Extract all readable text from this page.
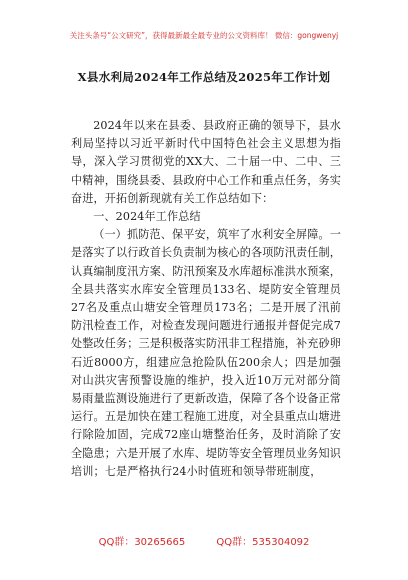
关注头条号“公文研究”，获得最新最全最专业的公文资料库！ 微信：gongwenyj
X县水利局2024年工作总结及2025年工作计划

2024年以来在县委、县政府正确的领导下，县水利局坚持以习近平新时代中国特色社会主义思想为指导，深入学习贯彻党的XX大、二十届一中、二中、三中精神，围绕县委、县政府中心工作和重点任务，务实奋进，开拓创新现就有关工作总结如下：

一、2024年工作总结

（一）抓防范、保平安，筑牢了水利安全屏障。一是落实了以行政首长负责制为核心的各项防汛责任制，认真编制度汛方案、防汛预案及水库超标准洪水预案，全县共落实水库安全管理员133名、堤防安全管理员27名及重点山塘安全管理员173名；二是开展了汛前防汛检查工作，对检查发现问题进行通报并督促完成7处整改任务；三是积极落实防汛非工程措施，补充砂卵石近8000方，组建应急抢险队伍200余人；四是加强对山洪灾害预警设施的维护，投入近10万元对部分简易雨量监测设施进行了更新改造，保障了各个设备正常运行。五是加快在建工程施工进度，对全县重点山塘进行除险加固，完成72座山塘整治任务，及时消除了安全隐患；六是开展了水库、堤防等安全管理员业务知识培训；七是严格执行24小时值班和领导带班制度，

QQ群：30265665	QQ群：535304092
